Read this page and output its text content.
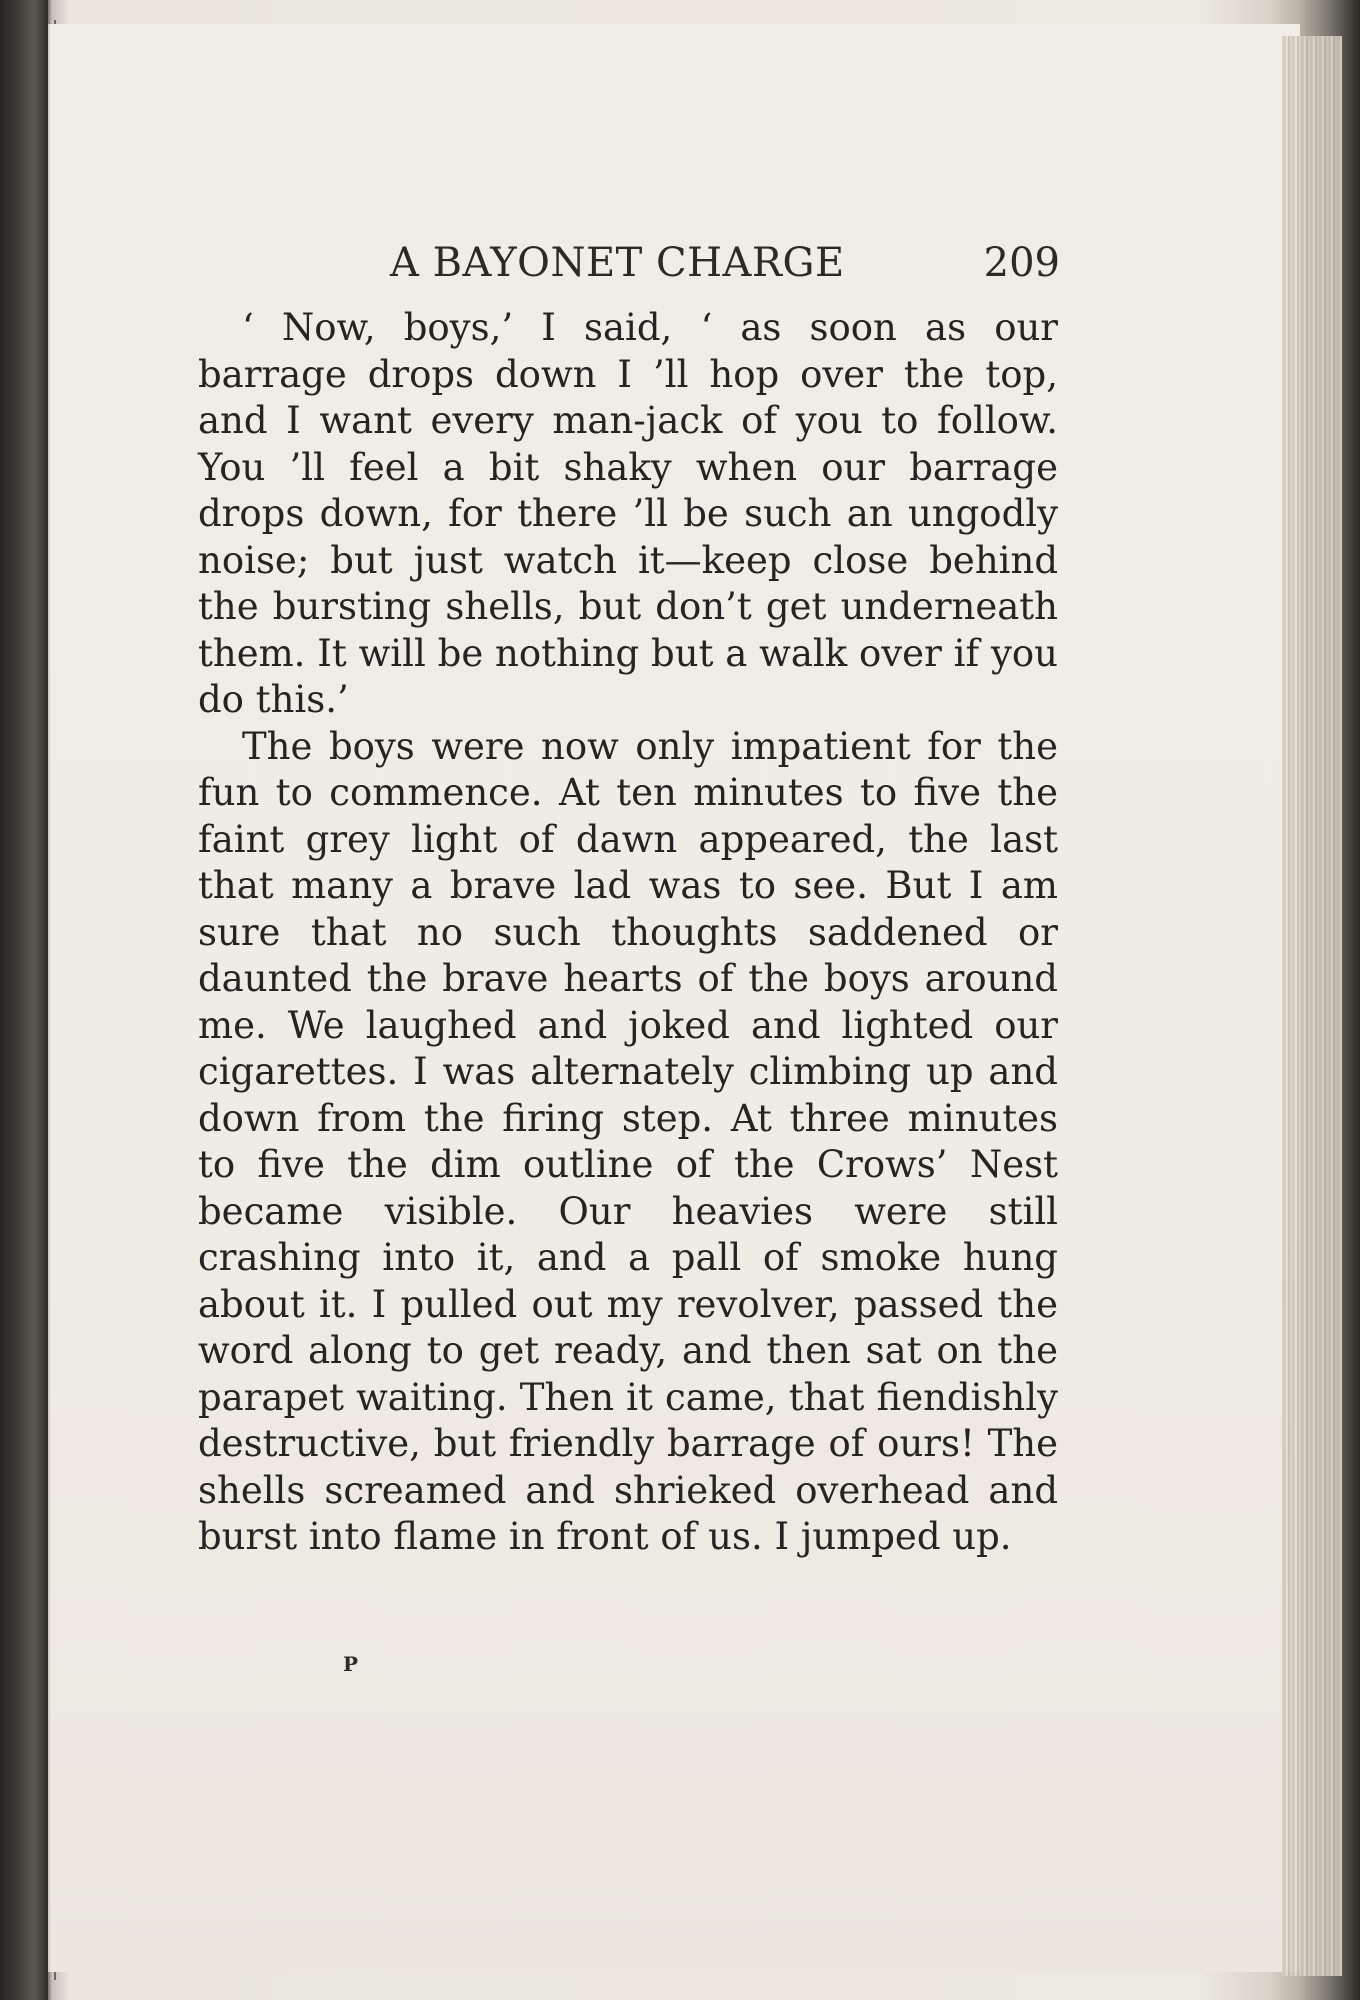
A BAYONET CHARGE	209

‘ Now, boys,’ I said, ‘ as soon as our barrage drops down I ’ll hop over the top, and I want every man-jack of you to follow. You ’ll feel a bit shaky when our barrage drops down, for there ’ll be such an ungodly noise; but just watch it—keep close behind the bursting shells, but don’t get underneath them. It will be nothing but a walk over if you do this.’

The boys were now only impatient for the fun to commence. At ten minutes to five the faint grey light of dawn appeared, the last that many a brave lad was to see. But I am sure that no such thoughts saddened or daunted the brave hearts of the boys around me. We laughed and joked and lighted our cigarettes. I was alternately climbing up and down from the firing step. At three minutes to five the dim outline of the Crows’ Nest became visible. Our heavies were still crashing into it, and a pall of smoke hung about it. I pulled out my revolver, passed the word along to get ready, and then sat on the parapet waiting. Then it came, that fiendishly destructive, but friendly barrage of ours! The shells screamed and shrieked overhead and burst into flame in front of us. I jumped up.

P
